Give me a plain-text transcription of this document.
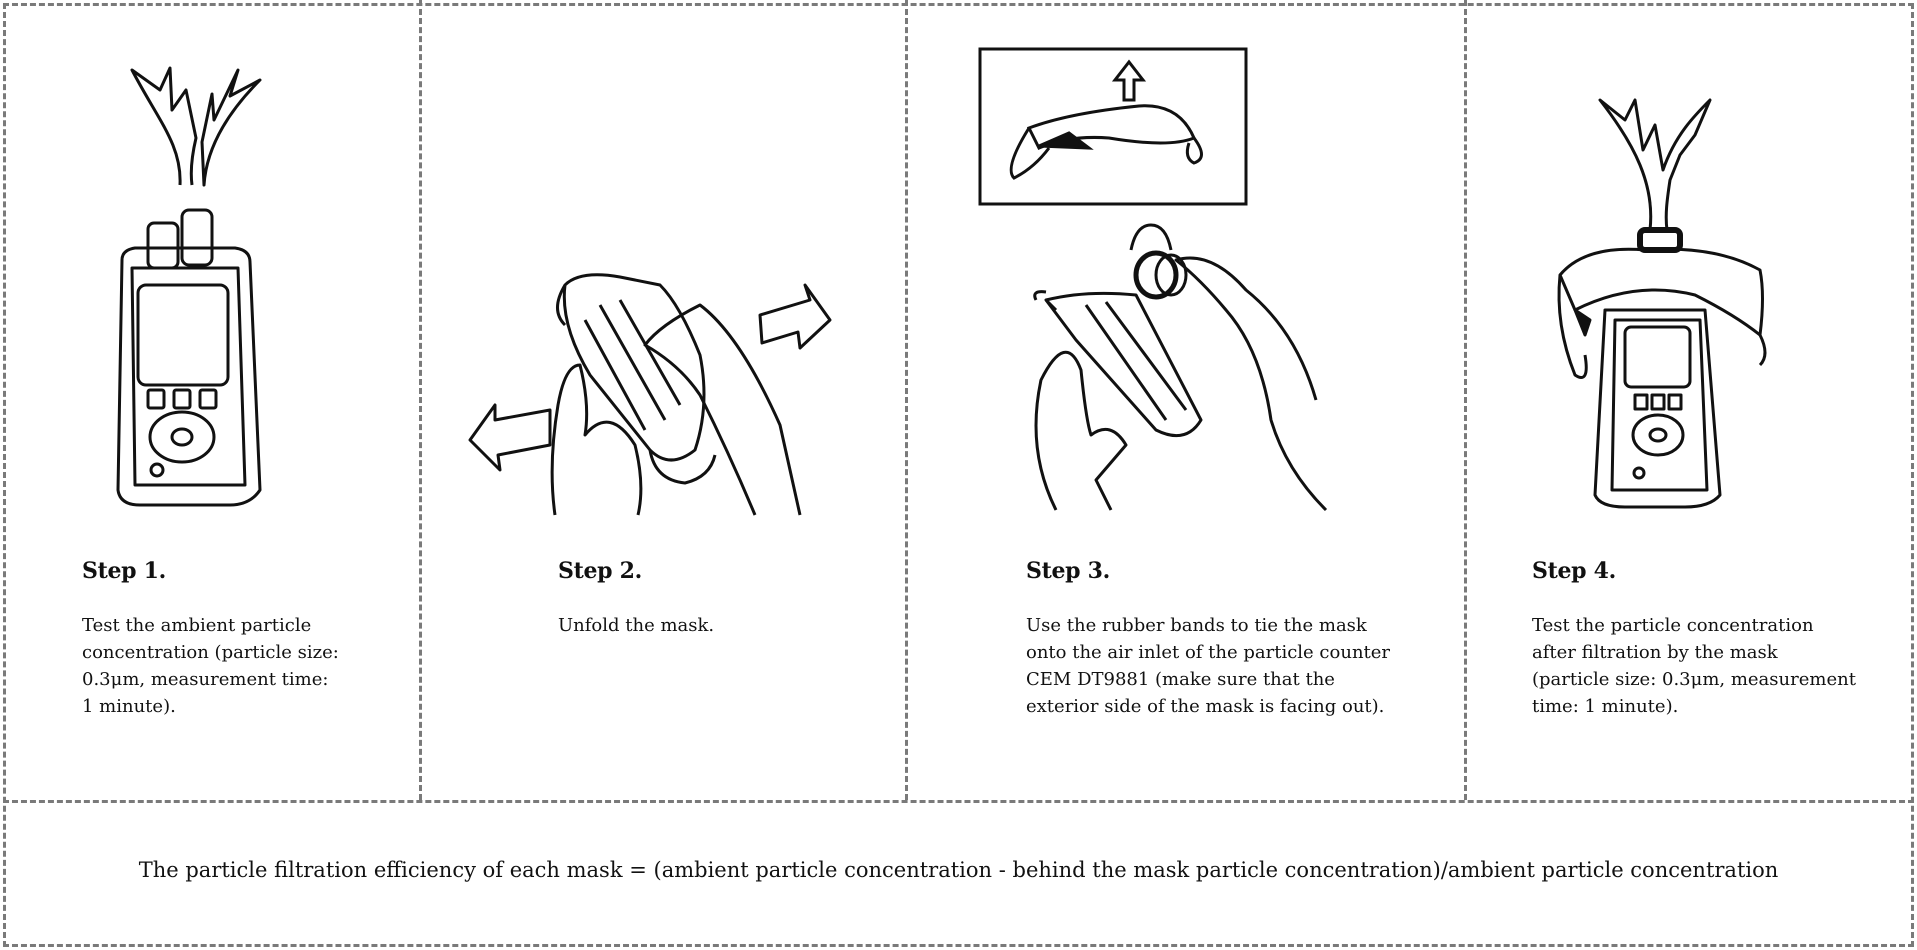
Step 1.
Test the ambient particle
concentration (particle size:
0.3μm, measurement time:
1 minute).
Step 2.
Unfold the mask.
Step 3.
Use the rubber bands to tie the mask
onto the air inlet of the particle counter
CEM DT9881 (make sure that the
exterior side of the mask is facing out).
Step 4.
Test the particle concentration
after filtration by the mask
(particle size: 0.3μm, measurement
time: 1 minute).
The particle filtration efficiency of each mask = (ambient particle concentration - behind the mask particle concentration)/ambient particle concentration
